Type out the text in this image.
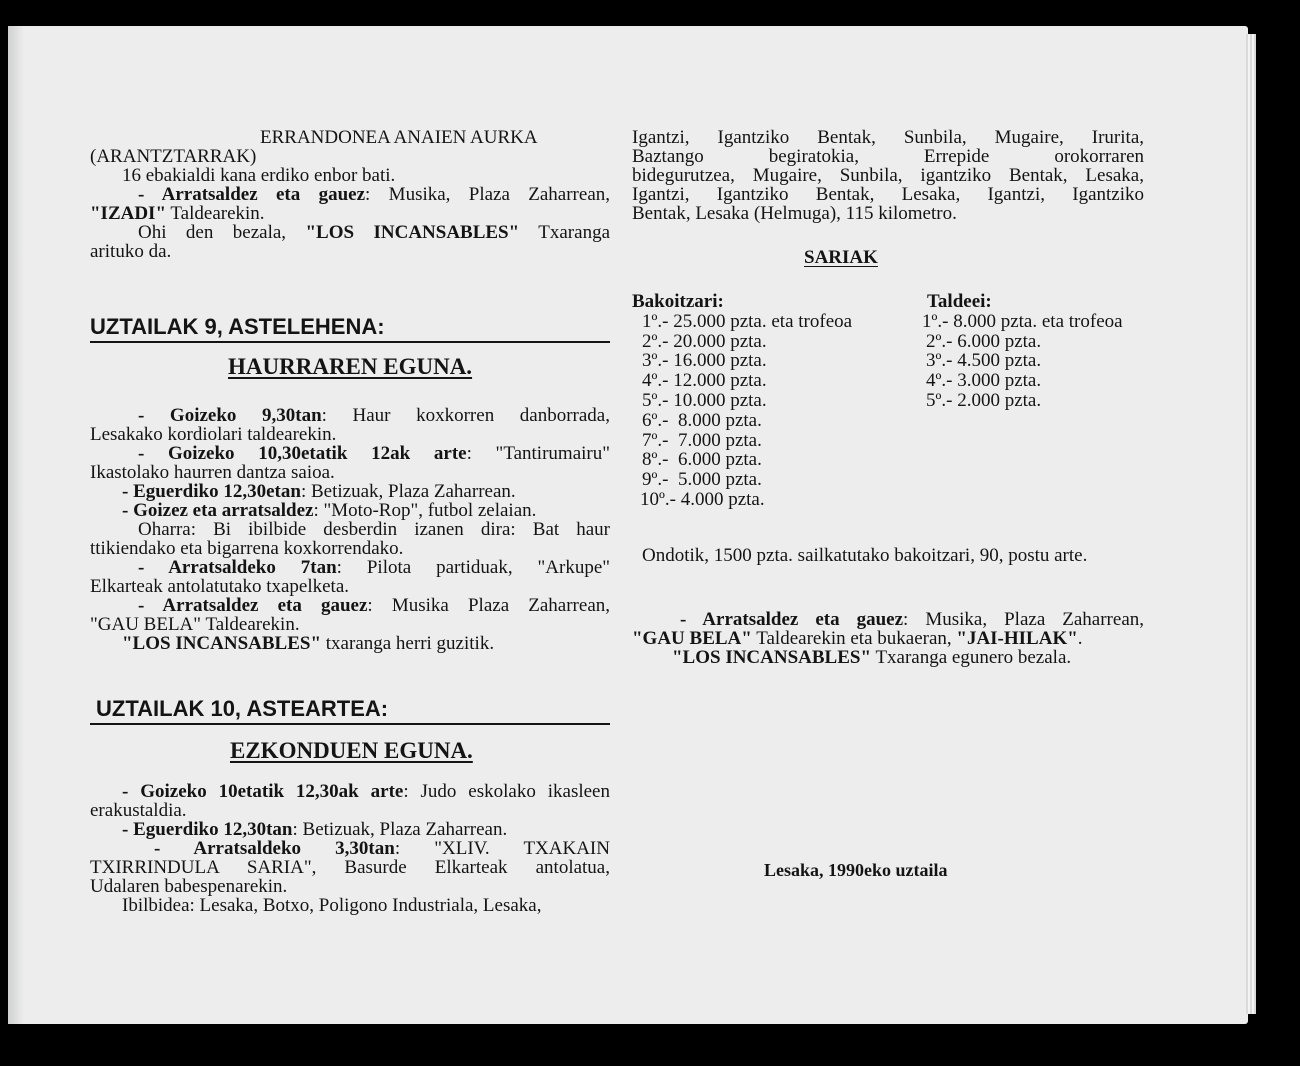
ERRANDONEA ANAIEN AURKA

(ARANTZTARRAK)

16 ebakialdi kana erdiko enbor bati.

- Arratsaldez eta gauez: Musika, Plaza Zaharrean,

"IZADI" Taldearekin.

Ohi den bezala, "LOS INCANSABLES" Txaranga

arituko da.

UZTAILAK 9, ASTELEHENA:

HAURRAREN EGUNA.

- Goizeko 9,30tan: Haur koxkorren danborrada,

Lesakako kordiolari taldearekin.

- Goizeko 10,30etatik 12ak arte: "Tantirumairu"

Ikastolako haurren dantza saioa.

- Eguerdiko 12,30etan: Betizuak, Plaza Zaharrean.

- Goizez eta arratsaldez: "Moto-Rop", futbol zelaian.

Oharra: Bi ibilbide desberdin izanen dira: Bat haur

ttikiendako eta bigarrena koxkorrendako.

- Arratsaldeko 7tan: Pilota partiduak, "Arkupe"

Elkarteak antolatutako txapelketa.

- Arratsaldez eta gauez: Musika Plaza Zaharrean,

"GAU BELA" Taldearekin.

"LOS INCANSABLES" txaranga herri guzitik.

UZTAILAK 10, ASTEARTEA:

EZKONDUEN EGUNA.

- Goizeko 10etatik 12,30ak arte: Judo eskolako ikasleen

erakustaldia.

- Eguerdiko 12,30tan: Betizuak, Plaza Zaharrean.

- Arratsaldeko 3,30tan: "XLIV. TXAKAIN

TXIRRINDULA SARIA", Basurde Elkarteak antolatua,

Udalaren babespenarekin.

Ibilbidea: Lesaka, Botxo, Poligono Industriala, Lesaka,

Igantzi, Igantziko Bentak, Sunbila, Mugaire, Irurita,

Baztango begiratokia, Errepide orokorraren

bidegurutzea, Mugaire, Sunbila, igantziko Bentak, Lesaka,

Igantzi, Igantziko Bentak, Lesaka, Igantzi, Igantziko

Bentak, Lesaka (Helmuga), 115 kilometro.

SARIAK

Bakoitzari:

1º.- 25.000 pzta. eta trofeoa

2º.- 20.000 pzta.

3º.- 16.000 pzta.

4º.- 12.000 pzta.

5º.- 10.000 pzta.

6º.-  8.000 pzta.

7º.-  7.000 pzta.

8º.-  6.000 pzta.

9º.-  5.000 pzta.

10º.- 4.000 pzta.

Taldeei:

1º.- 8.000 pzta. eta trofeoa

2º.- 6.000 pzta.

3º.- 4.500 pzta.

4º.- 3.000 pzta.

5º.- 2.000 pzta.

Ondotik, 1500 pzta. sailkatutako bakoitzari, 90, postu arte.

- Arratsaldez eta gauez: Musika, Plaza Zaharrean,

"GAU BELA" Taldearekin eta bukaeran, "JAI-HILAK".

"LOS INCANSABLES" Txaranga egunero bezala.

Lesaka, 1990eko uztaila
